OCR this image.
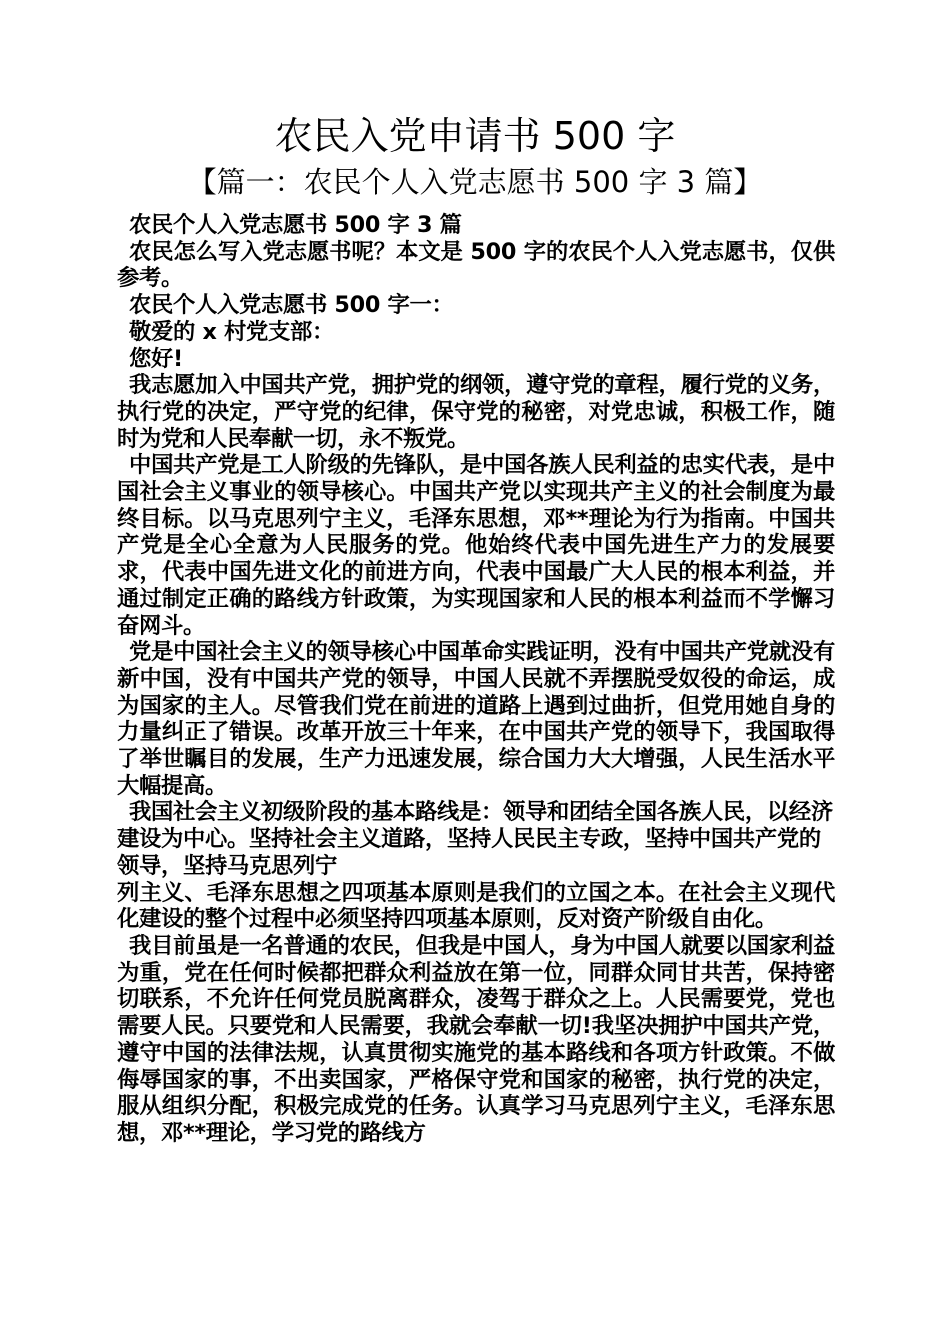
农民入党申请书 500 字
【篇一：农民个人入党志愿书 500 字 3 篇】

农民个人入党志愿书 500 字 3 篇

农民怎么写入党志愿书呢？本文是 500 字的农民个人入党志愿书，仅供参考。

农民个人入党志愿书 500 字一：

敬爱的 x 村党支部：

您好!

我志愿加入中国共产党，拥护党的纲领，遵守党的章程，履行党的义务，执行党的决定，严守党的纪律，保守党的秘密，对党忠诚，积极工作，随时为党和人民奉献一切，永不叛党。

中国共产党是工人阶级的先锋队，是中国各族人民利益的忠实代表，是中国社会主义事业的领导核心。中国共产党以实现共产主义的社会制度为最终目标。以马克思列宁主义，毛泽东思想，邓**理论为行为指南。中国共产党是全心全意为人民服务的党。他始终代表中国先进生产力的发展要求，代表中国先进文化的前进方向，代表中国最广大人民的根本利益，并通过制定正确的路线方针政策，为实现国家和人民的根本利益而不学懈习奋网斗。

党是中国社会主义的领导核心中国革命实践证明，没有中国共产党就没有新中国，没有中国共产党的领导，中国人民就不弄摆脱受奴役的命运，成为国家的主人。尽管我们党在前进的道路上遇到过曲折，但党用她自身的力量纠正了错误。改革开放三十年来，在中国共产党的领导下，我国取得了举世瞩目的发展，生产力迅速发展，综合国力大大增强，人民生活水平大幅提高。

我国社会主义初级阶段的基本路线是：领导和团结全国各族人民，以经济建设为中心。坚持社会主义道路，坚持人民民主专政，坚持中国共产党的领导，坚持马克思列宁

列主义、毛泽东思想之四项基本原则是我们的立国之本。在社会主义现代化建设的整个过程中必须坚持四项基本原则，反对资产阶级自由化。

我目前虽是一名普通的农民，但我是中国人，身为中国人就要以国家利益为重，党在任何时候都把群众利益放在第一位，同群众同甘共苦，保持密切联系，不允许任何党员脱离群众，凌驾于群众之上。人民需要党，党也需要人民。只要党和人民需要，我就会奉献一切!我坚决拥护中国共产党，遵守中国的法律法规，认真贯彻实施党的基本路线和各项方针政策。不做侮辱国家的事，不出卖国家，严格保守党和国家的秘密，执行党的决定，服从组织分配，积极完成党的任务。认真学习马克思列宁主义，毛泽东思想，邓**理论，学习党的路线方
